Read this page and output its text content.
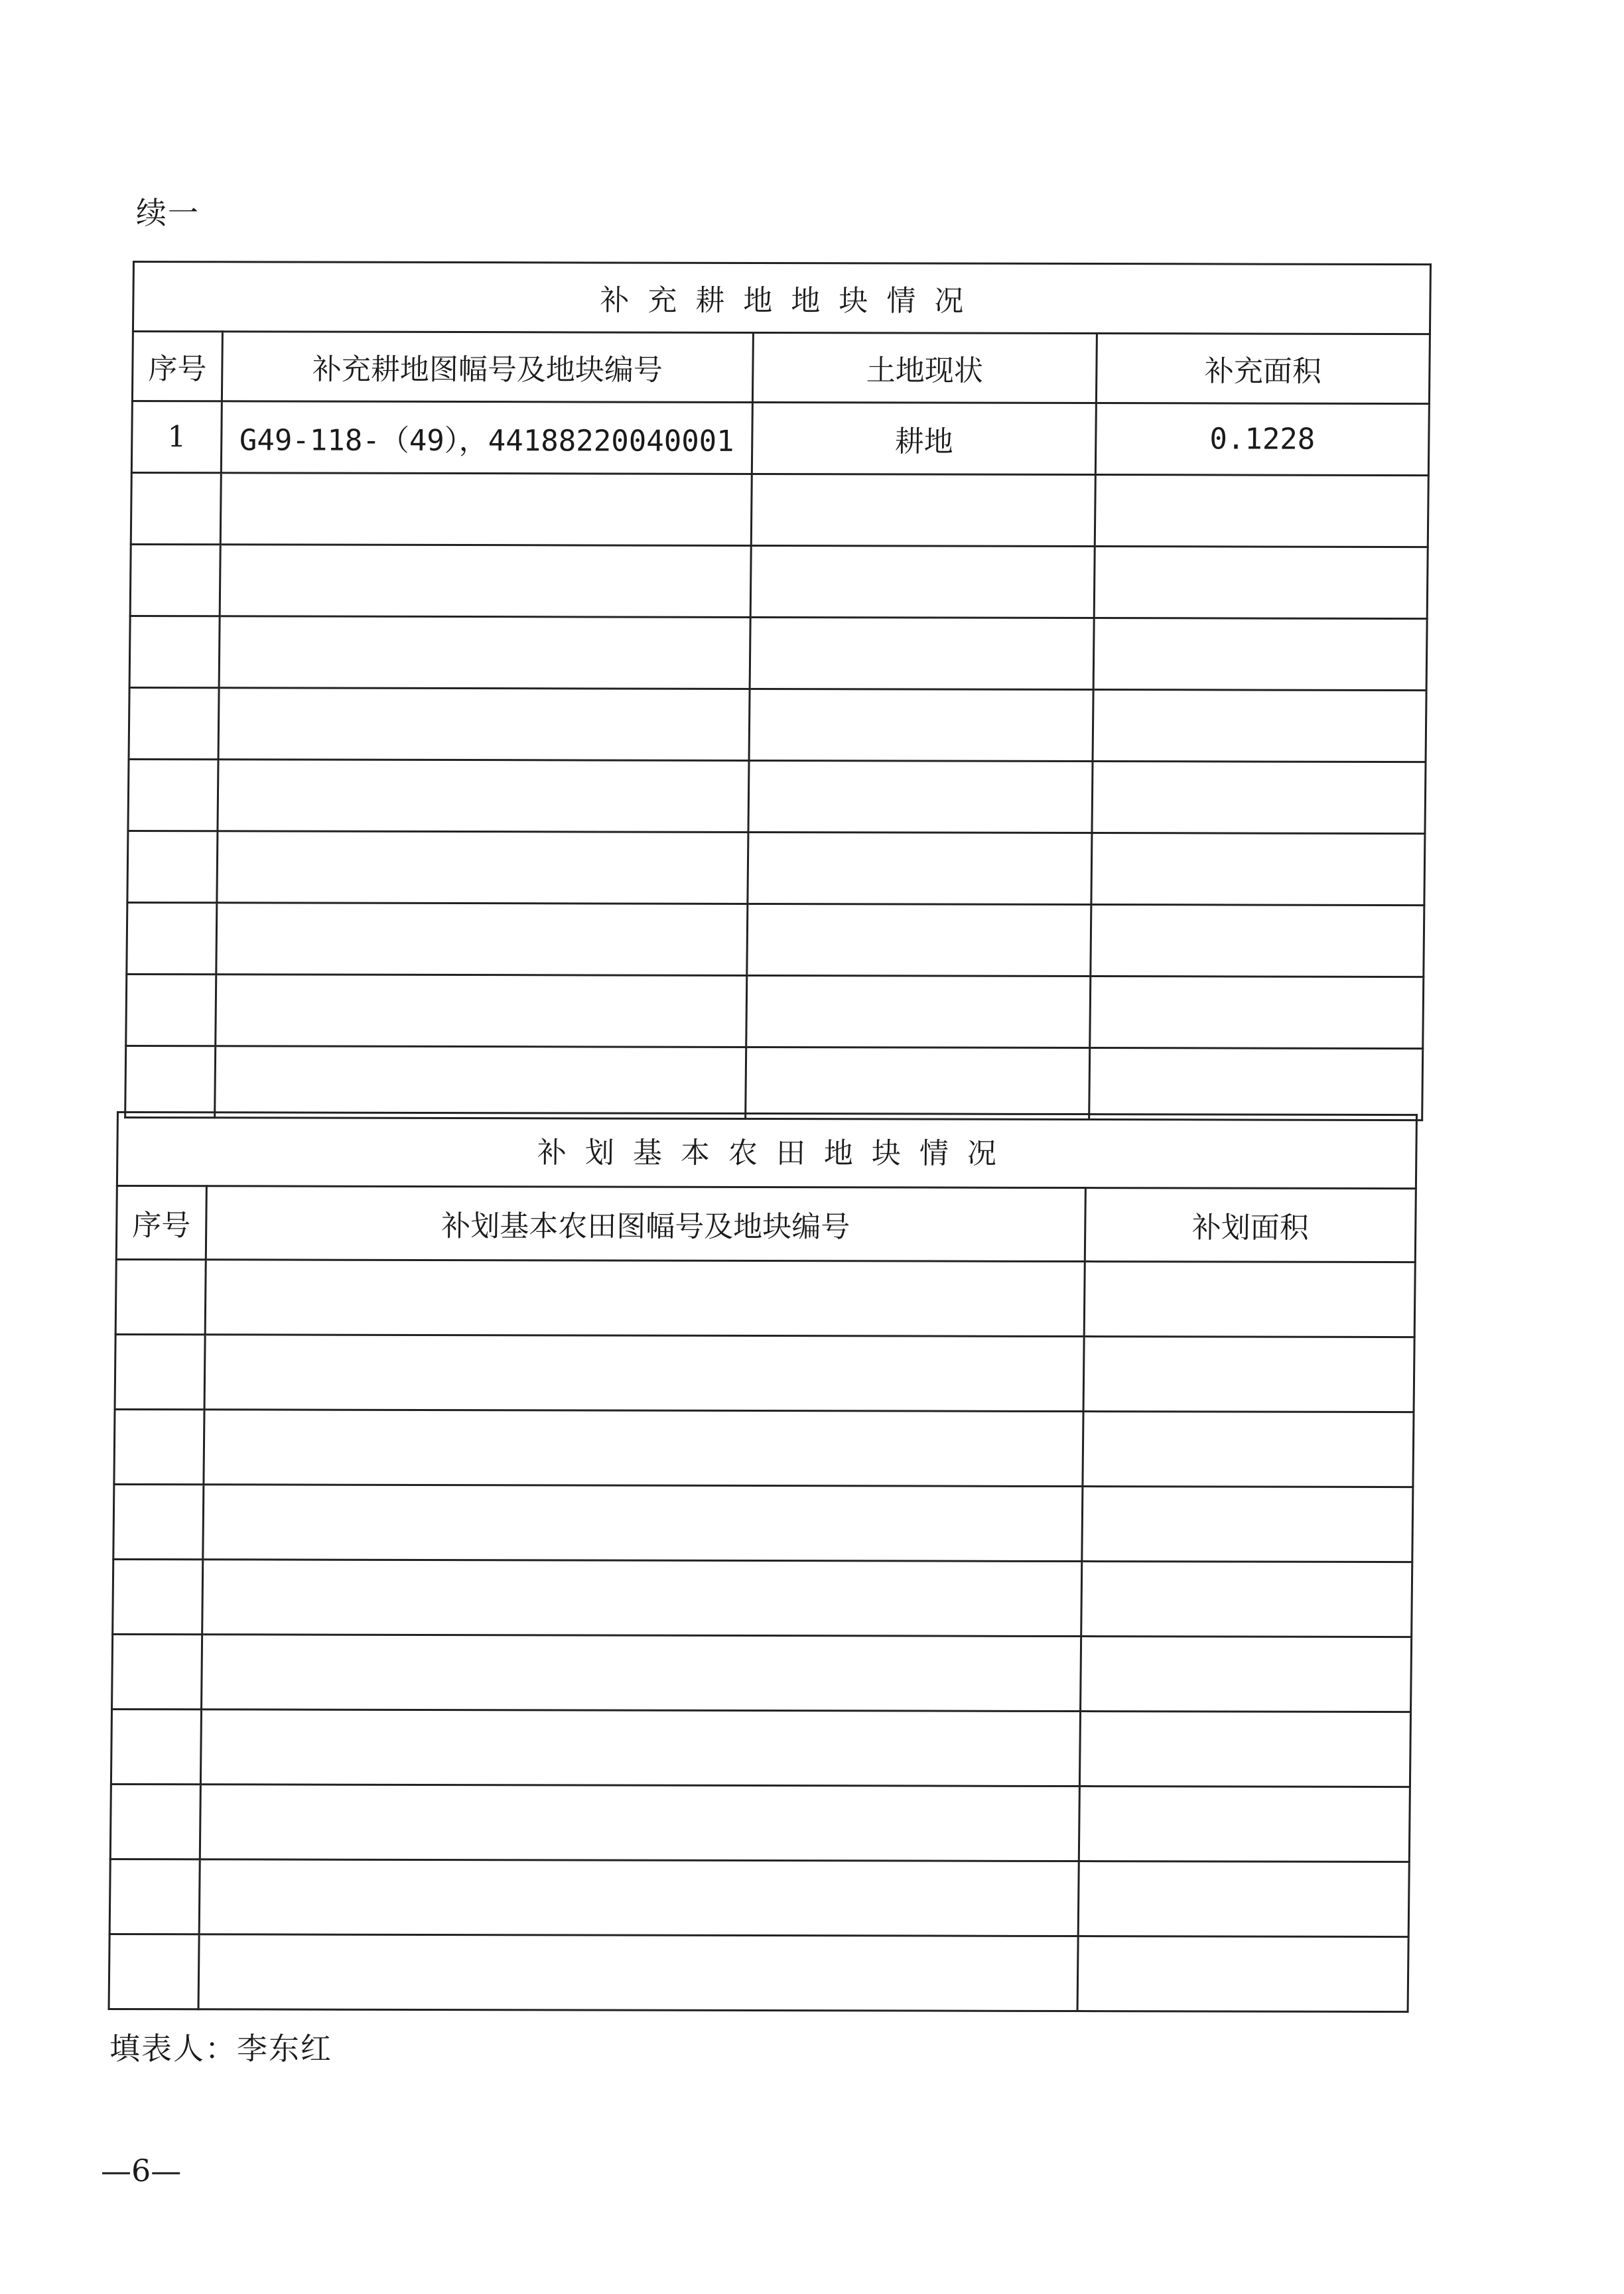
续一
补充耕地地块情况			
序号	补充耕地图幅号及地块编号	土地现状	补充面积
1	G49-118-（49），44188220040001	耕地	0.1228

补划基本农田地块情况		
序号	补划基本农田图幅号及地块编号	补划面积

填表人：李东红
—6—
